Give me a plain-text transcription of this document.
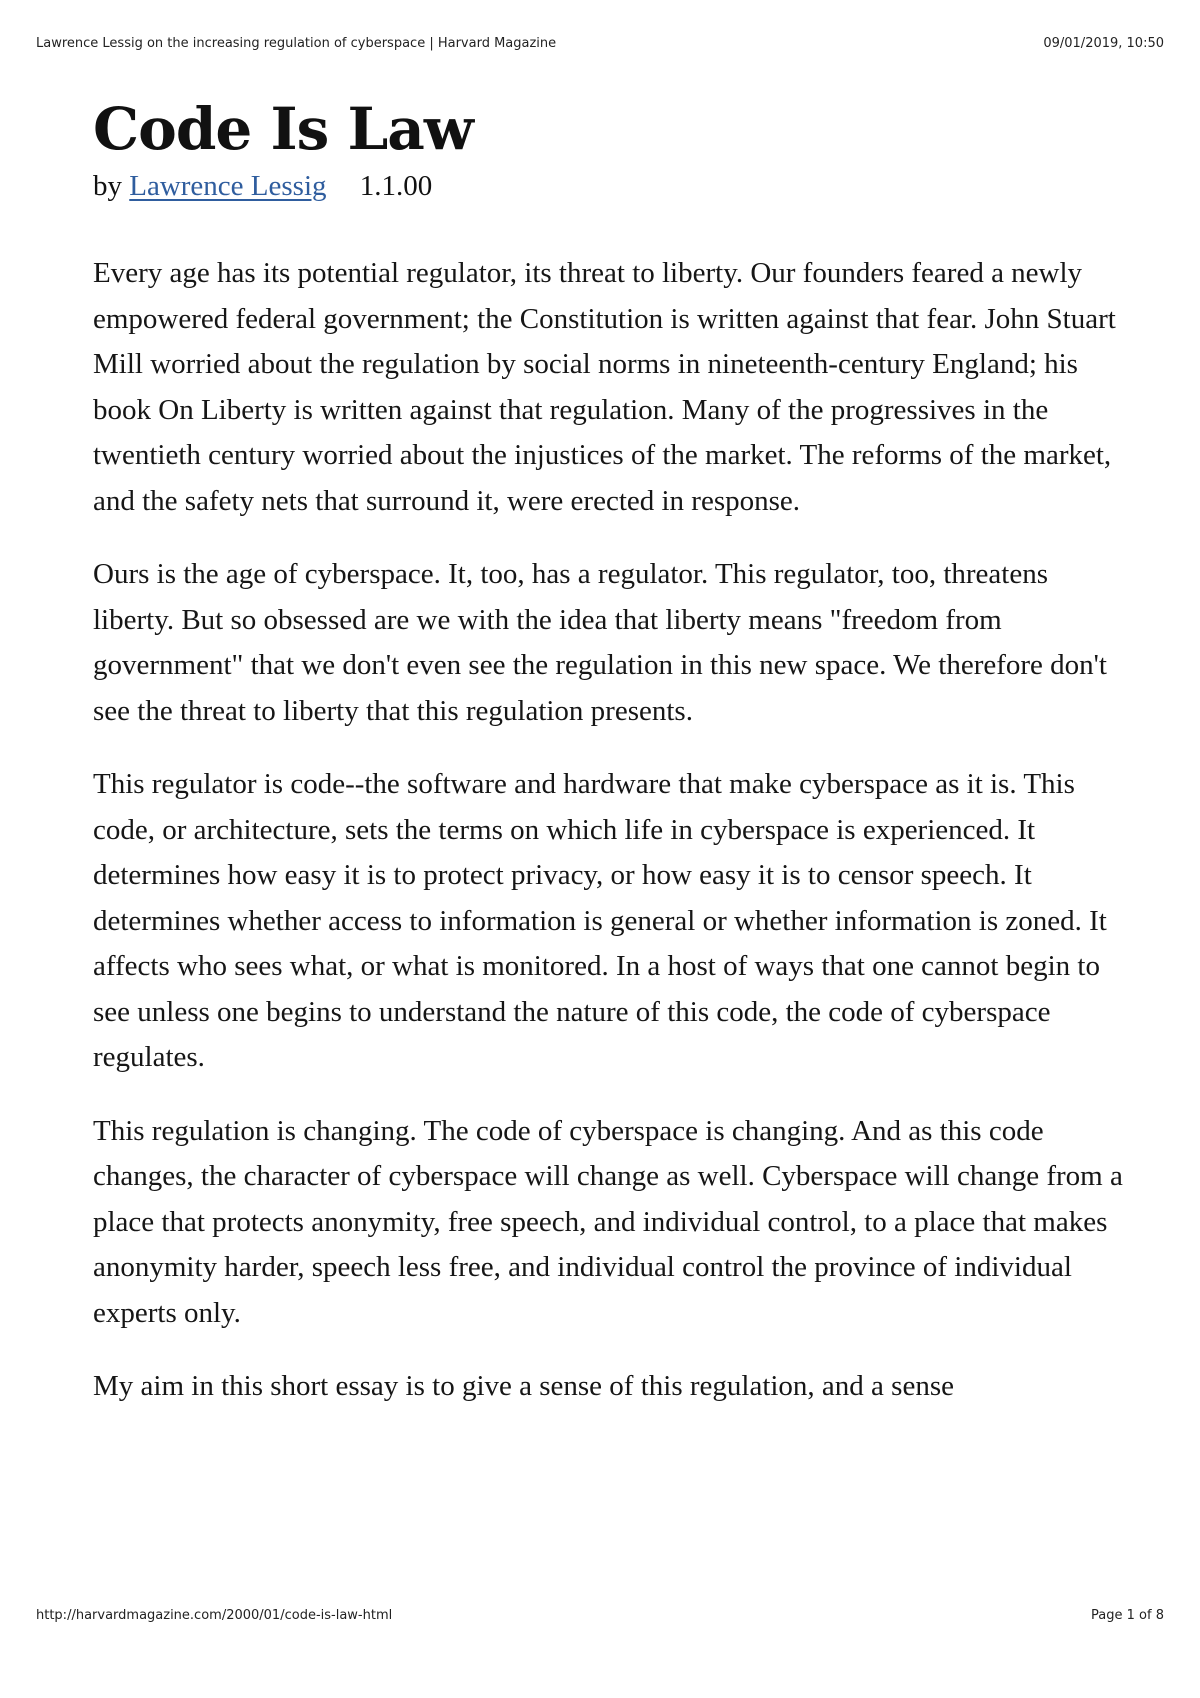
Lawrence Lessig on the increasing regulation of cyberspace | Harvard Magazine	09/01/2019, 10:50
Code Is Law
by Lawrence Lessig 1.1.00

Every age has its potential regulator, its threat to liberty. Our founders feared a newly empowered federal government; the Constitution is written against that fear. John Stuart Mill worried about the regulation by social norms in nineteenth-century England; his book On Liberty is written against that regulation. Many of the progressives in the twentieth century worried about the injustices of the market. The reforms of the market, and the safety nets that surround it, were erected in response.

Ours is the age of cyberspace. It, too, has a regulator. This regulator, too, threatens liberty. But so obsessed are we with the idea that liberty means "freedom from government" that we don't even see the regulation in this new space. We therefore don't see the threat to liberty that this regulation presents.

This regulator is code--the software and hardware that make cyberspace as it is. This code, or architecture, sets the terms on which life in cyberspace is experienced. It determines how easy it is to protect privacy, or how easy it is to censor speech. It determines whether access to information is general or whether information is zoned. It affects who sees what, or what is monitored. In a host of ways that one cannot begin to see unless one begins to understand the nature of this code, the code of cyberspace regulates.

This regulation is changing. The code of cyberspace is changing. And as this code changes, the character of cyberspace will change as well. Cyberspace will change from a place that protects anonymity, free speech, and individual control, to a place that makes anonymity harder, speech less free, and individual control the province of individual experts only.

My aim in this short essay is to give a sense of this regulation, and a sense

http://harvardmagazine.com/2000/01/code-is-law-html	Page 1 of 8
